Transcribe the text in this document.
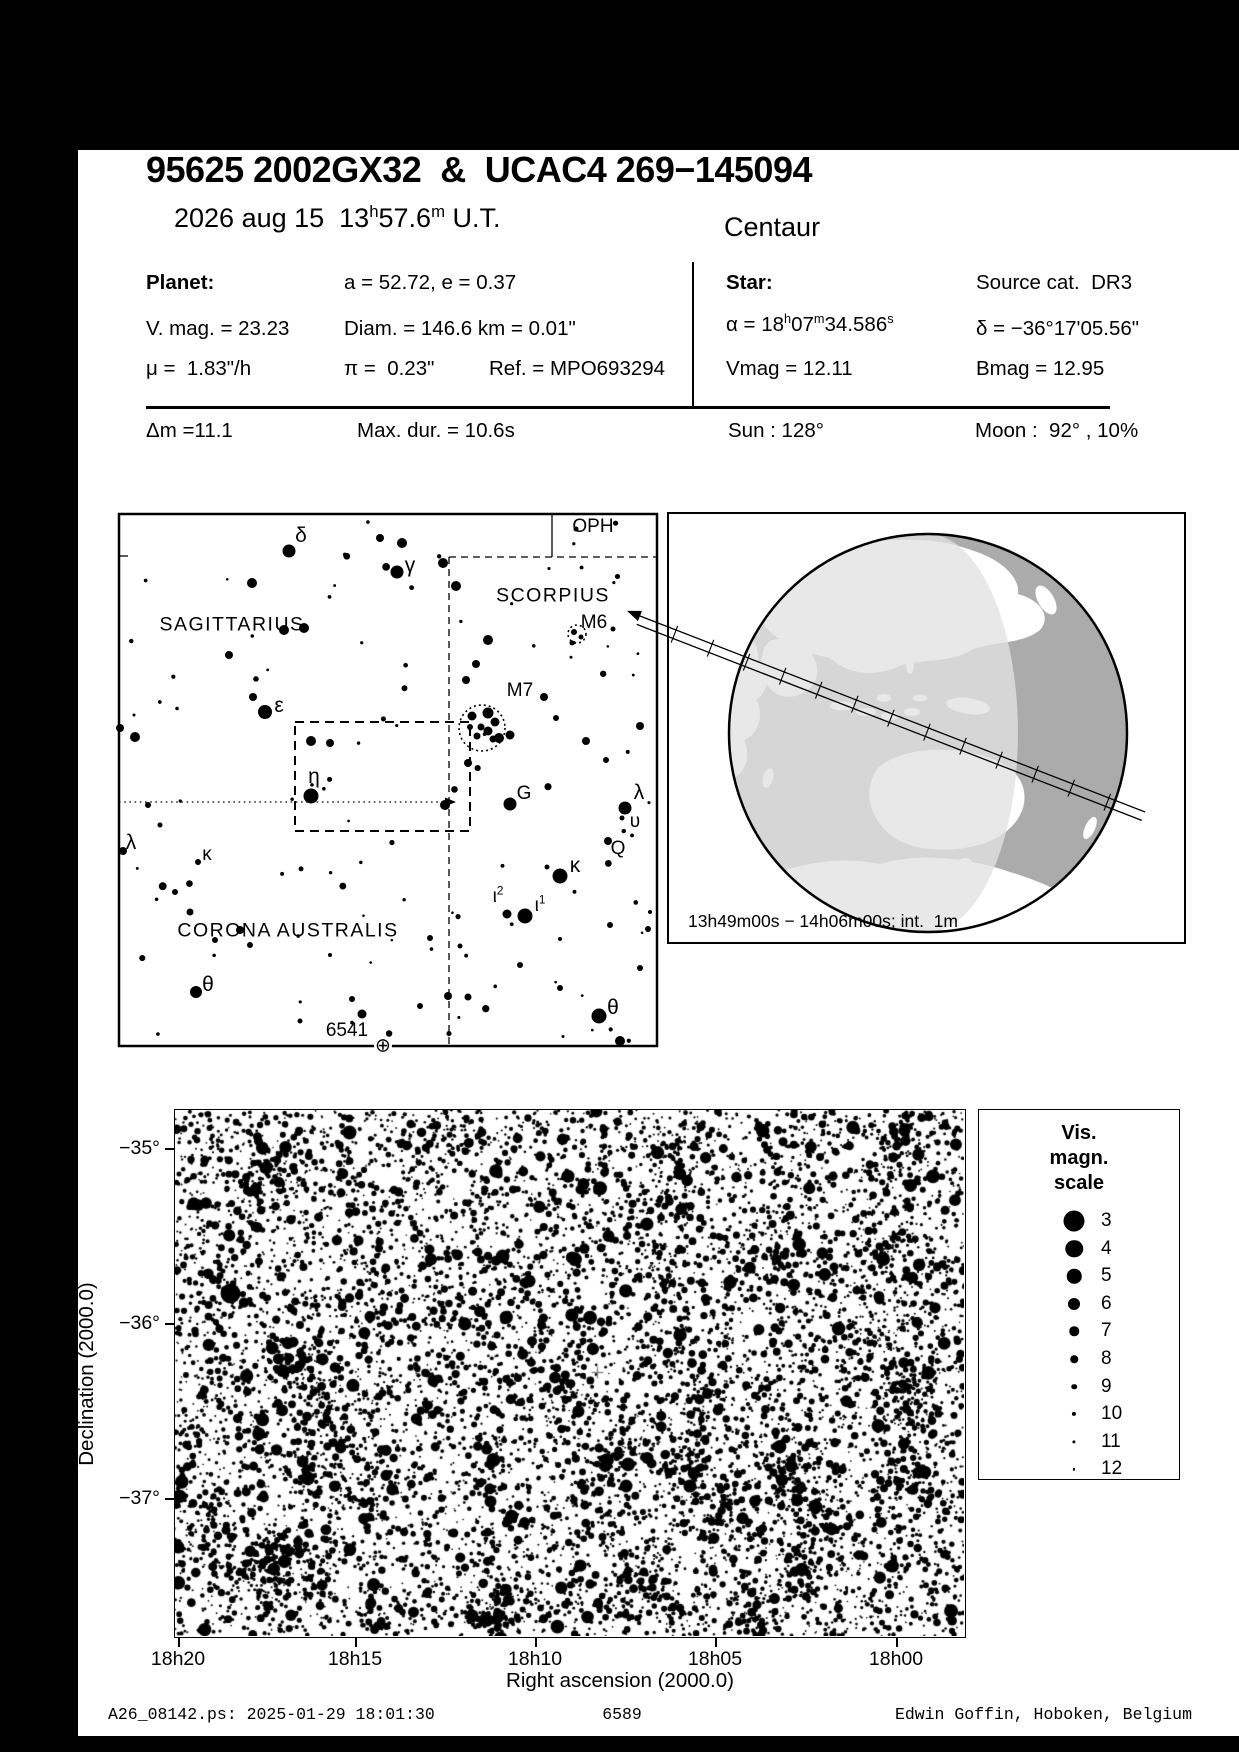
95625 2002GX32  &  UCAC4 269−145094
2026 aug 15  13$^h$57.6$^m$ U.T.	Centaur
Planet:	a = 52.72, e = 0.37	Star:	Source cat.  DR3
V. mag. = 23.23	Diam. = 146.6 km = 0.01"	$\alpha = 18^h07^m34.586^s$	δ = −36°17'05.56"
μ =  1.83"/h	π =  0.23"	Ref. = MPO693294	Vmag = 12.11	Bmag = 12.95
Δm =11.1	Max. dur. = 10.6s	Sun : 128°	Moon :  92° , 10%
⊕
OPH
δ
γ
SAGITTARIUS
SCORPIUS
M6
M7
ε
η
G	λ
υ
Q
κ
$\iota^2$
$\iota^1$
λ
κ
CORONA AUSTRALIS
θ
θ
6541
13h49m00s − 14h06m00s; int.  1m
18h20	18h15	18h10	18h05	18h00
−35°
−36°
−37°
Right ascension (2000.0)
Declination (2000.0)
Vis.
magn.
scale
3
4
5
6
7
8
9
10
11
12
A26_08142.ps: 2025-01-29 18:01:30	6589	Edwin Goffin, Hoboken, Belgium
